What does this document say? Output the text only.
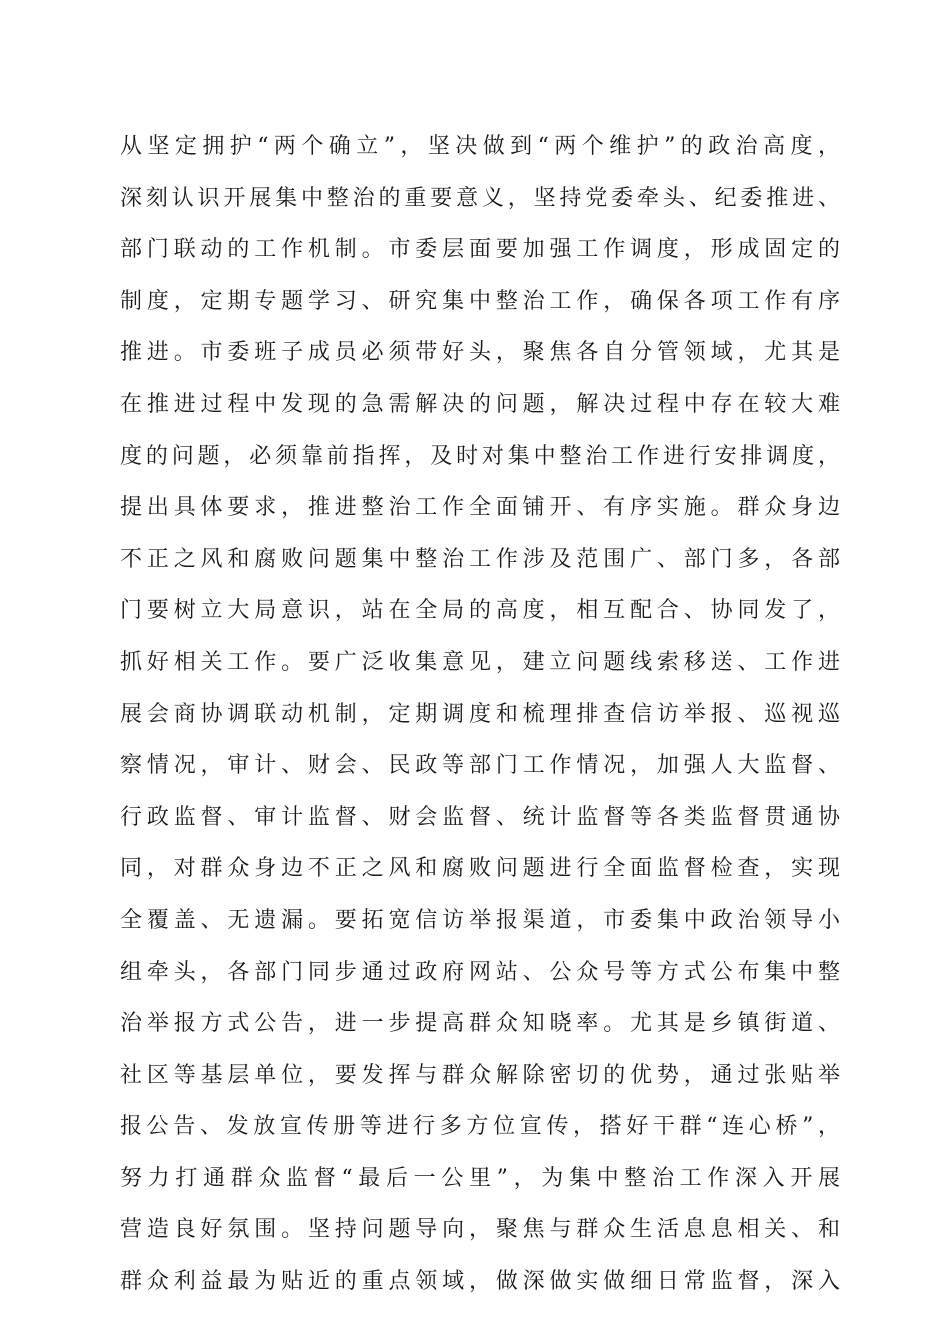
从坚定拥护“两个确立”，坚决做到“两个维护”的政治高度，
深刻认识开展集中整治的重要意义，坚持党委牵头、纪委推进、
部门联动的工作机制。市委层面要加强工作调度，形成固定的
制度，定期专题学习、研究集中整治工作，确保各项工作有序
推进。市委班子成员必须带好头，聚焦各自分管领域，尤其是
在推进过程中发现的急需解决的问题，解决过程中存在较大难
度的问题，必须靠前指挥，及时对集中整治工作进行安排调度，
提出具体要求，推进整治工作全面铺开、有序实施。群众身边
不正之风和腐败问题集中整治工作涉及范围广、部门多，各部
门要树立大局意识，站在全局的高度，相互配合、协同发了，
抓好相关工作。要广泛收集意见，建立问题线索移送、工作进
展会商协调联动机制，定期调度和梳理排查信访举报、巡视巡
察情况，审计、财会、民政等部门工作情况，加强人大监督、
行政监督、审计监督、财会监督、统计监督等各类监督贯通协
同，对群众身边不正之风和腐败问题进行全面监督检查，实现
全覆盖、无遗漏。要拓宽信访举报渠道，市委集中政治领导小
组牵头，各部门同步通过政府网站、公众号等方式公布集中整
治举报方式公告，进一步提高群众知晓率。尤其是乡镇街道、
社区等基层单位，要发挥与群众解除密切的优势，通过张贴举
报公告、发放宣传册等进行多方位宣传，搭好干群“连心桥”，
努力打通群众监督“最后一公里”，为集中整治工作深入开展
营造良好氛围。坚持问题导向，聚焦与群众生活息息相关、和
群众利益最为贴近的重点领域，做深做实做细日常监督，深入
